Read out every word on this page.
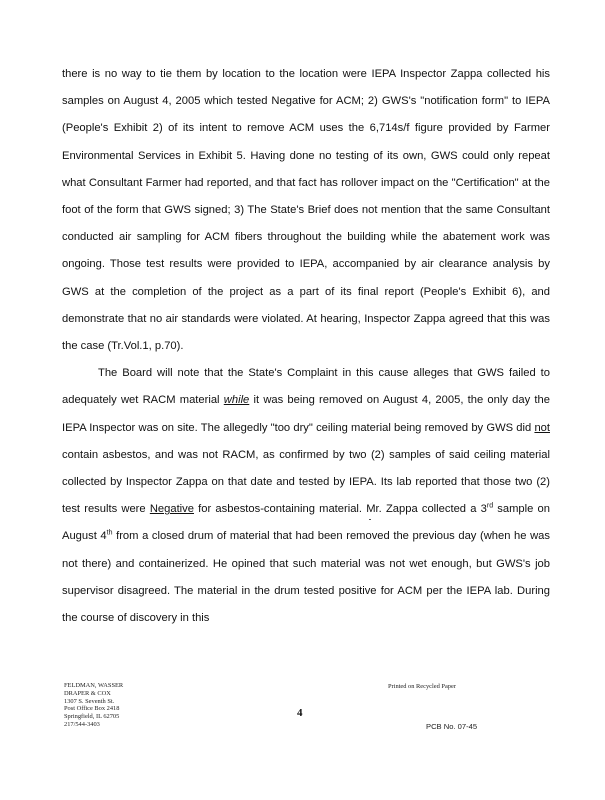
there is no way to tie them by location to the location were IEPA Inspector Zappa collected his samples on August 4, 2005 which tested Negative for ACM; 2) GWS's "notification form" to IEPA (People's Exhibit 2) of its intent to remove ACM uses the 6,714s/f figure provided by Farmer Environmental Services in Exhibit 5. Having done no testing of its own, GWS could only repeat what Consultant Farmer had reported, and that fact has rollover impact on the "Certification" at the foot of the form that GWS signed; 3) The State's Brief does not mention that the same Consultant conducted air sampling for ACM fibers throughout the building while the abatement work was ongoing. Those test results were provided to IEPA, accompanied by air clearance analysis by GWS at the completion of the project as a part of its final report (People's Exhibit 6), and demonstrate that no air standards were violated. At hearing, Inspector Zappa agreed that this was the case (Tr.Vol.1, p.70).

The Board will note that the State's Complaint in this cause alleges that GWS failed to adequately wet RACM material while it was being removed on August 4, 2005, the only day the IEPA Inspector was on site. The allegedly "too dry" ceiling material being removed by GWS did not contain asbestos, and was not RACM, as confirmed by two (2) samples of said ceiling material collected by Inspector Zappa on that date and tested by IEPA. Its lab reported that those two (2) test results were Negative for asbestos-containing material. Mr. Zappa collected a 3rd sample on August 4th from a closed drum of material that had been removed the previous day (when he was not there) and containerized. He opined that such material was not wet enough, but GWS's job supervisor disagreed. The material in the drum tested positive for ACM per the IEPA lab. During the course of discovery in this

FELDMAN, WASSER
DRAPER & COX
1307 S. Seventh St.
Post Office Box 2418
Springfield, IL 62705
217/544-3403
Printed on Recycled Paper
4
PCB No. 07-45
